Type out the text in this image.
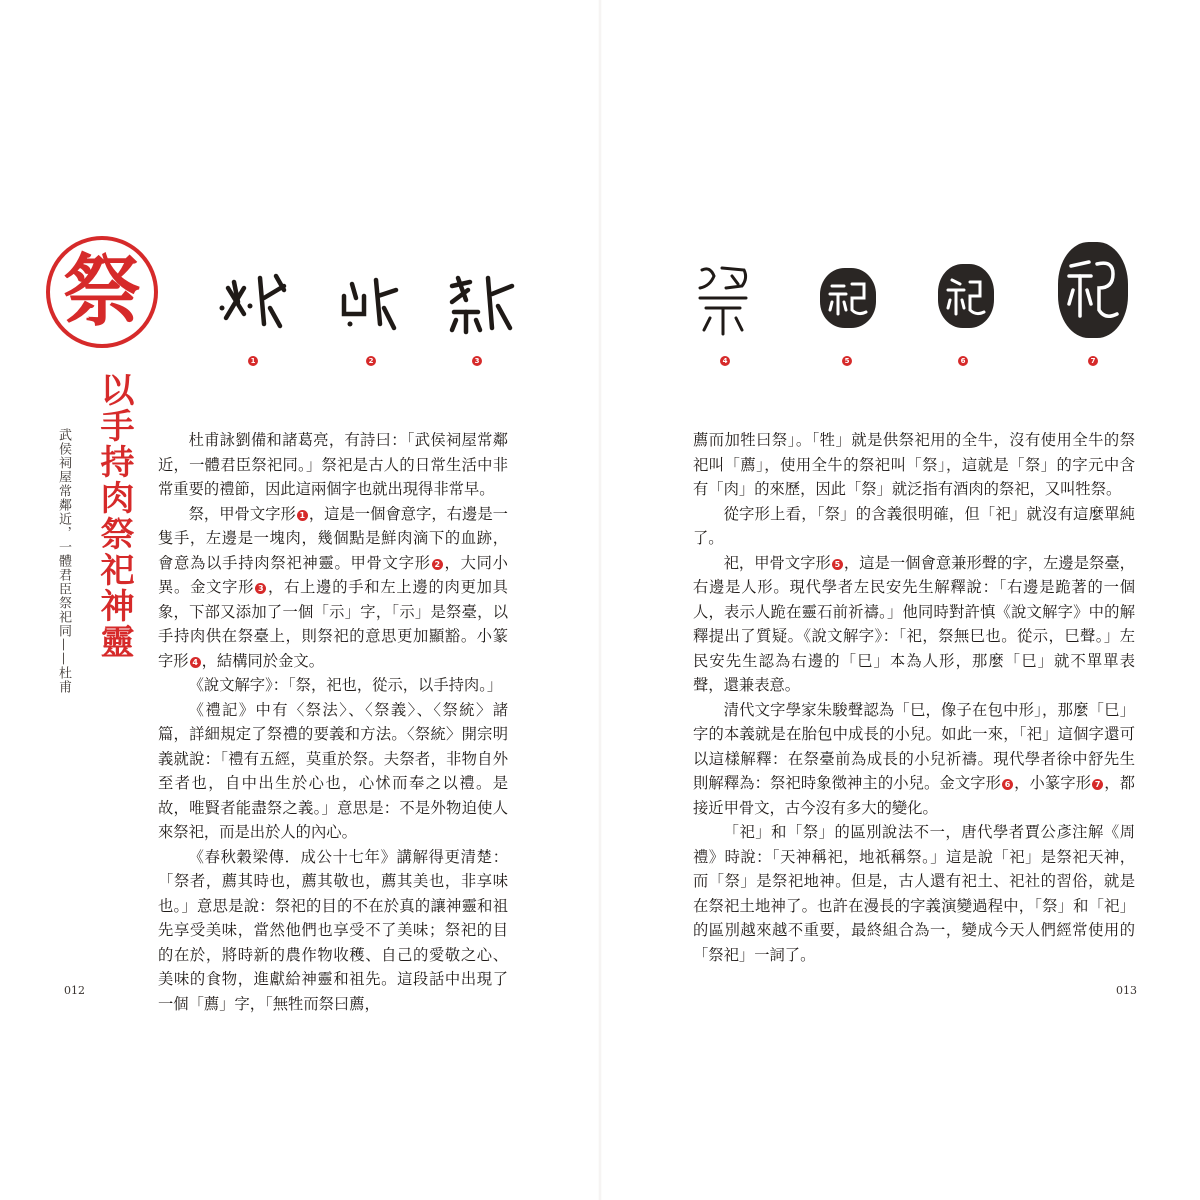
祭
以手持肉祭祀神靈
武侯祠屋常鄰近，一體君臣祭祀同——杜甫
1	2	3

杜甫詠劉備和諸葛亮，有詩曰：「武侯祠屋常鄰近，一體君臣祭祀同。」祭祀是古人的日常生活中非常重要的禮節，因此這兩個字也就出現得非常早。

祭，甲骨文字形 1 ，這是一個會意字，右邊是一隻手，左邊是一塊肉，幾個點是鮮肉滴下的血跡，會意為以手持肉祭祀神靈。甲骨文字形 2 ，大同小異。金文字形 3 ，右上邊的手和左上邊的肉更加具象，下部又添加了一個「示」字，「示」是祭臺，以手持肉供在祭臺上，則祭祀的意思更加顯豁。小篆字形 4 ，結構同於金文。

《說文解字》：「祭，祀也，從示，以手持肉。」

《禮記》中有〈祭法〉、〈祭義〉、〈祭統〉諸篇，詳細規定了祭禮的要義和方法。〈祭統〉開宗明義就說：「禮有五經，莫重於祭。夫祭者，非物自外至者也，自中出生於心也，心怵而奉之以禮。是故，唯賢者能盡祭之義。」意思是：不是外物迫使人來祭祀，而是出於人的內心。

《春秋穀梁傳．成公十七年》講解得更清楚：「祭者，薦其時也，薦其敬也，薦其美也，非享味也。」意思是說：祭祀的目的不在於真的讓神靈和祖先享受美味，當然他們也享受不了美味；祭祀的目的在於，將時新的農作物收穫、自己的愛敬之心、美味的食物，進獻給神靈和祖先。這段話中出現了一個「薦」字，「無牲而祭曰薦，

012
4	5	6	7

薦而加牲曰祭」。「牲」就是供祭祀用的全牛，沒有使用全牛的祭祀叫「薦」，使用全牛的祭祀叫「祭」，這就是「祭」的字元中含有「肉」的來歷，因此「祭」就泛指有酒肉的祭祀，又叫牲祭。

從字形上看，「祭」的含義很明確，但「祀」就沒有這麼單純了。

祀，甲骨文字形 5 ，這是一個會意兼形聲的字，左邊是祭臺，右邊是人形。現代學者左民安先生解釋說：「右邊是跪著的一個人，表示人跪在靈石前祈禱。」他同時對許慎《說文解字》中的解釋提出了質疑。《說文解字》：「祀，祭無巳也。從示，巳聲。」左民安先生認為右邊的「巳」本為人形，那麼「巳」就不單單表聲，還兼表意。

清代文字學家朱駿聲認為「巳，像子在包中形」，那麼「巳」字的本義就是在胎包中成長的小兒。如此一來，「祀」這個字還可以這樣解釋：在祭臺前為成長的小兒祈禱。現代學者徐中舒先生則解釋為：祭祀時象徵神主的小兒。金文字形 6 ，小篆字形 7 ，都接近甲骨文，古今沒有多大的變化。

「祀」和「祭」的區別說法不一，唐代學者賈公彥注解《周禮》時說：「天神稱祀，地祇稱祭。」這是說「祀」是祭祀天神，而「祭」是祭祀地神。但是，古人還有祀土、祀社的習俗，就是在祭祀土地神了。也許在漫長的字義演變過程中，「祭」和「祀」的區別越來越不重要，最終組合為一，變成今天人們經常使用的「祭祀」一詞了。

013
